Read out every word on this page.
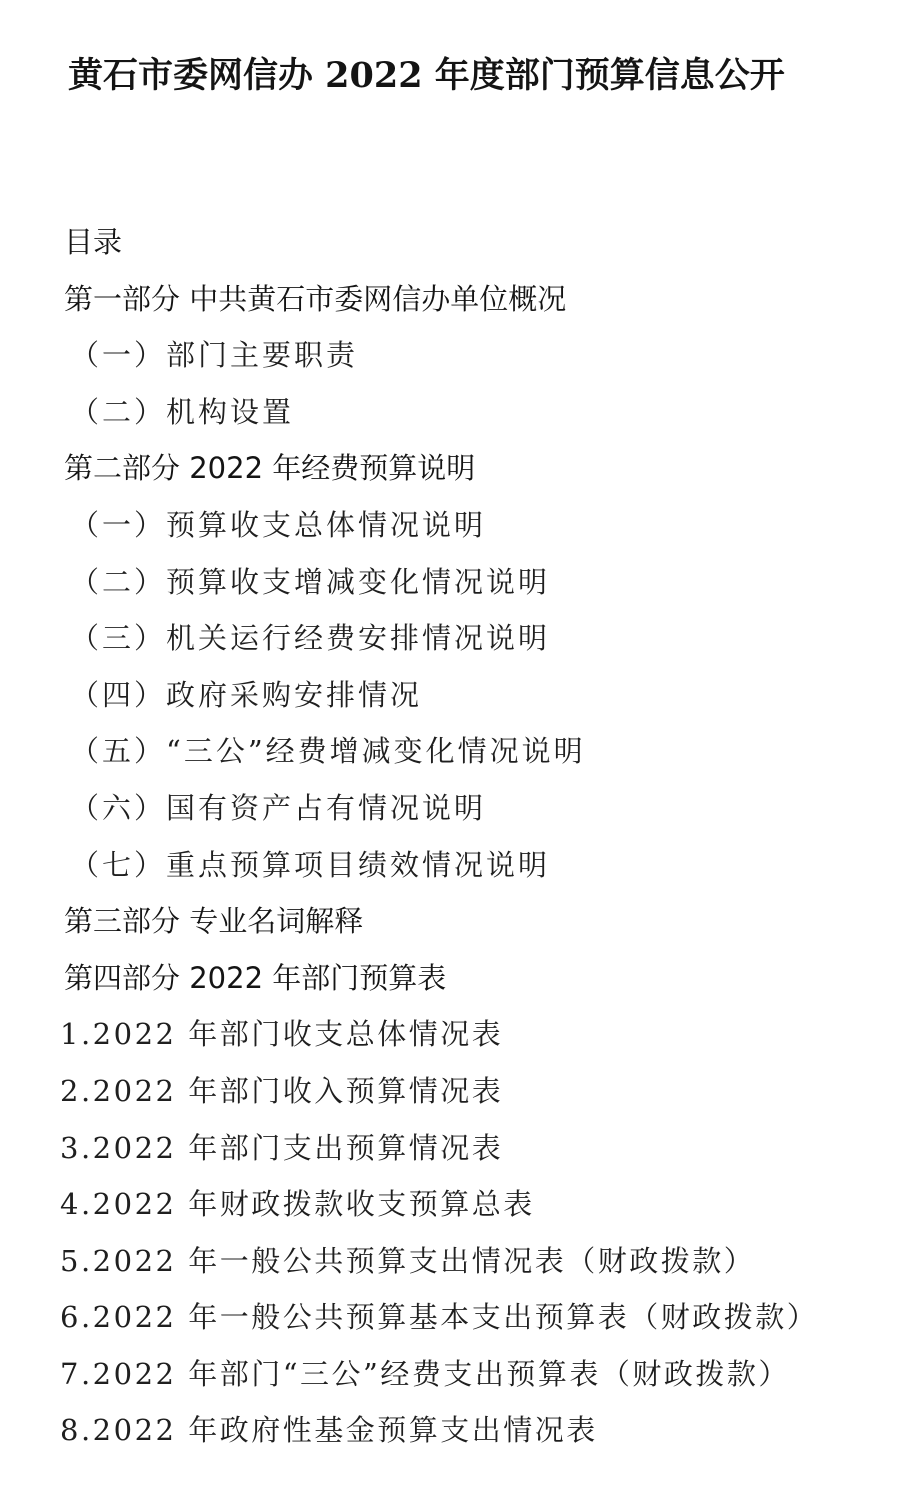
黄石市委网信办 2022 年度部门预算信息公开
目录
第一部分 中共黄石市委网信办单位概况
（一）部门主要职责
（二）机构设置
第二部分 2022 年经费预算说明
（一）预算收支总体情况说明
（二）预算收支增减变化情况说明
（三）机关运行经费安排情况说明
（四）政府采购安排情况
（五）“三公”经费增减变化情况说明
（六）国有资产占有情况说明
（七）重点预算项目绩效情况说明
第三部分 专业名词解释
第四部分 2022 年部门预算表
1.2022 年部门收支总体情况表
2.2022 年部门收入预算情况表
3.2022 年部门支出预算情况表
4.2022 年财政拨款收支预算总表
5.2022 年一般公共预算支出情况表（财政拨款）
6.2022 年一般公共预算基本支出预算表（财政拨款）
7.2022 年部门“三公”经费支出预算表（财政拨款）
8.2022 年政府性基金预算支出情况表
